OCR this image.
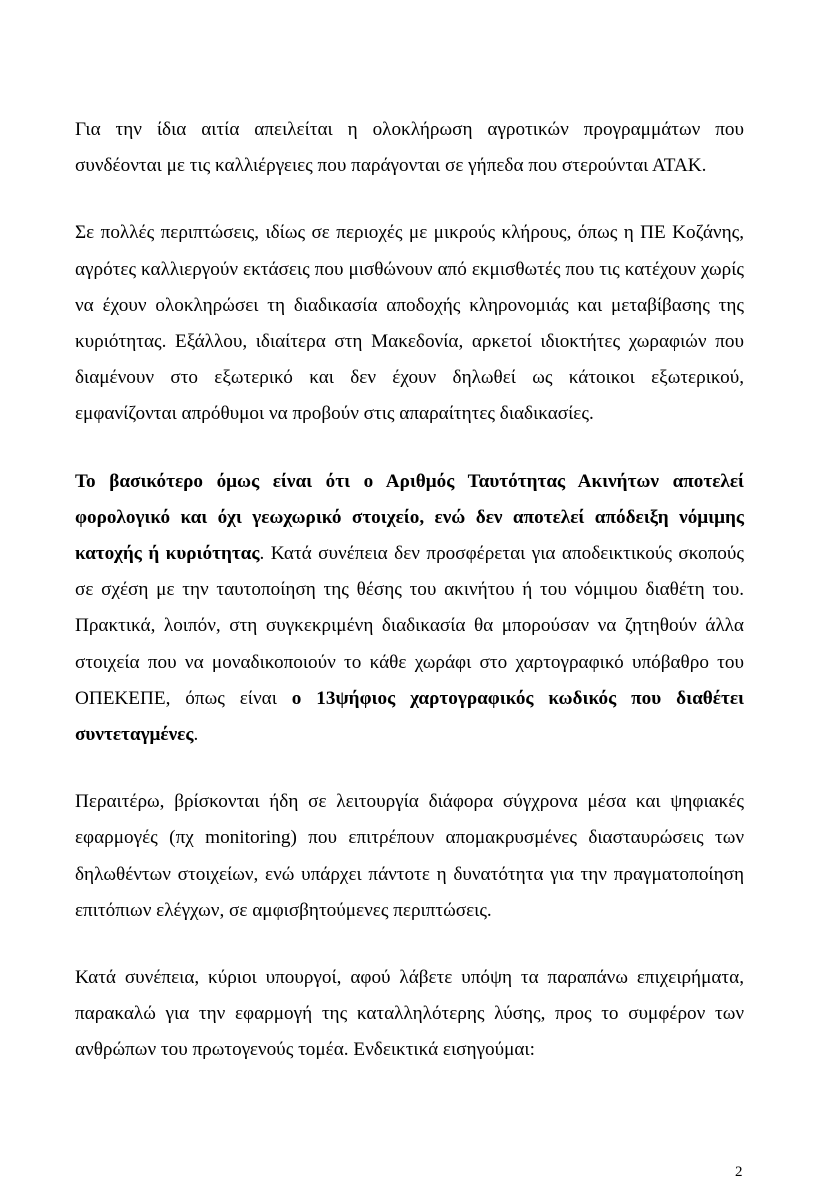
Για την ίδια αιτία απειλείται η ολοκλήρωση αγροτικών προγραμμάτων που συνδέονται με τις καλλιέργειες που παράγονται σε γήπεδα που στερούνται ΑΤΑΚ.

Σε πολλές περιπτώσεις, ιδίως σε περιοχές με μικρούς κλήρους, όπως η ΠΕ Κοζάνης, αγρότες καλλιεργούν εκτάσεις που μισθώνουν από εκμισθωτές που τις κατέχουν χωρίς να έχουν ολοκληρώσει τη διαδικασία αποδοχής κληρονομιάς και μεταβίβασης της κυριότητας. Εξάλλου, ιδιαίτερα στη Μακεδονία, αρκετοί ιδιοκτήτες χωραφιών που διαμένουν στο εξωτερικό και δεν έχουν δηλωθεί ως κάτοικοι εξωτερικού, εμφανίζονται απρόθυμοι να προβούν στις απαραίτητες διαδικασίες.

Το βασικότερο όμως είναι ότι ο Αριθμός Ταυτότητας Ακινήτων αποτελεί φορολογικό και όχι γεωχωρικό στοιχείο, ενώ δεν αποτελεί απόδειξη νόμιμης κατοχής ή κυριότητας. Κατά συνέπεια δεν προσφέρεται για αποδεικτικούς σκοπούς σε σχέση με την ταυτοποίηση της θέσης του ακινήτου ή του νόμιμου διαθέτη του. Πρακτικά, λοιπόν, στη συγκεκριμένη διαδικασία θα μπορούσαν να ζητηθούν άλλα στοιχεία που να μοναδικοποιούν το κάθε χωράφι στο χαρτογραφικό υπόβαθρο του ΟΠΕΚΕΠΕ, όπως είναι ο 13ψήφιος χαρτογραφικός κωδικός που διαθέτει συντεταγμένες.

Περαιτέρω, βρίσκονται ήδη σε λειτουργία διάφορα σύγχρονα μέσα και ψηφιακές εφαρμογές (πχ monitoring) που επιτρέπουν απομακρυσμένες διασταυρώσεις των δηλωθέντων στοιχείων, ενώ υπάρχει πάντοτε η δυνατότητα για την πραγματοποίηση επιτόπιων ελέγχων, σε αμφισβητούμενες περιπτώσεις.

Κατά συνέπεια, κύριοι υπουργοί, αφού λάβετε υπόψη τα παραπάνω επιχειρήματα, παρακαλώ για την εφαρμογή της καταλληλότερης λύσης, προς το συμφέρον των ανθρώπων του πρωτογενούς τομέα. Ενδεικτικά εισηγούμαι:

2
